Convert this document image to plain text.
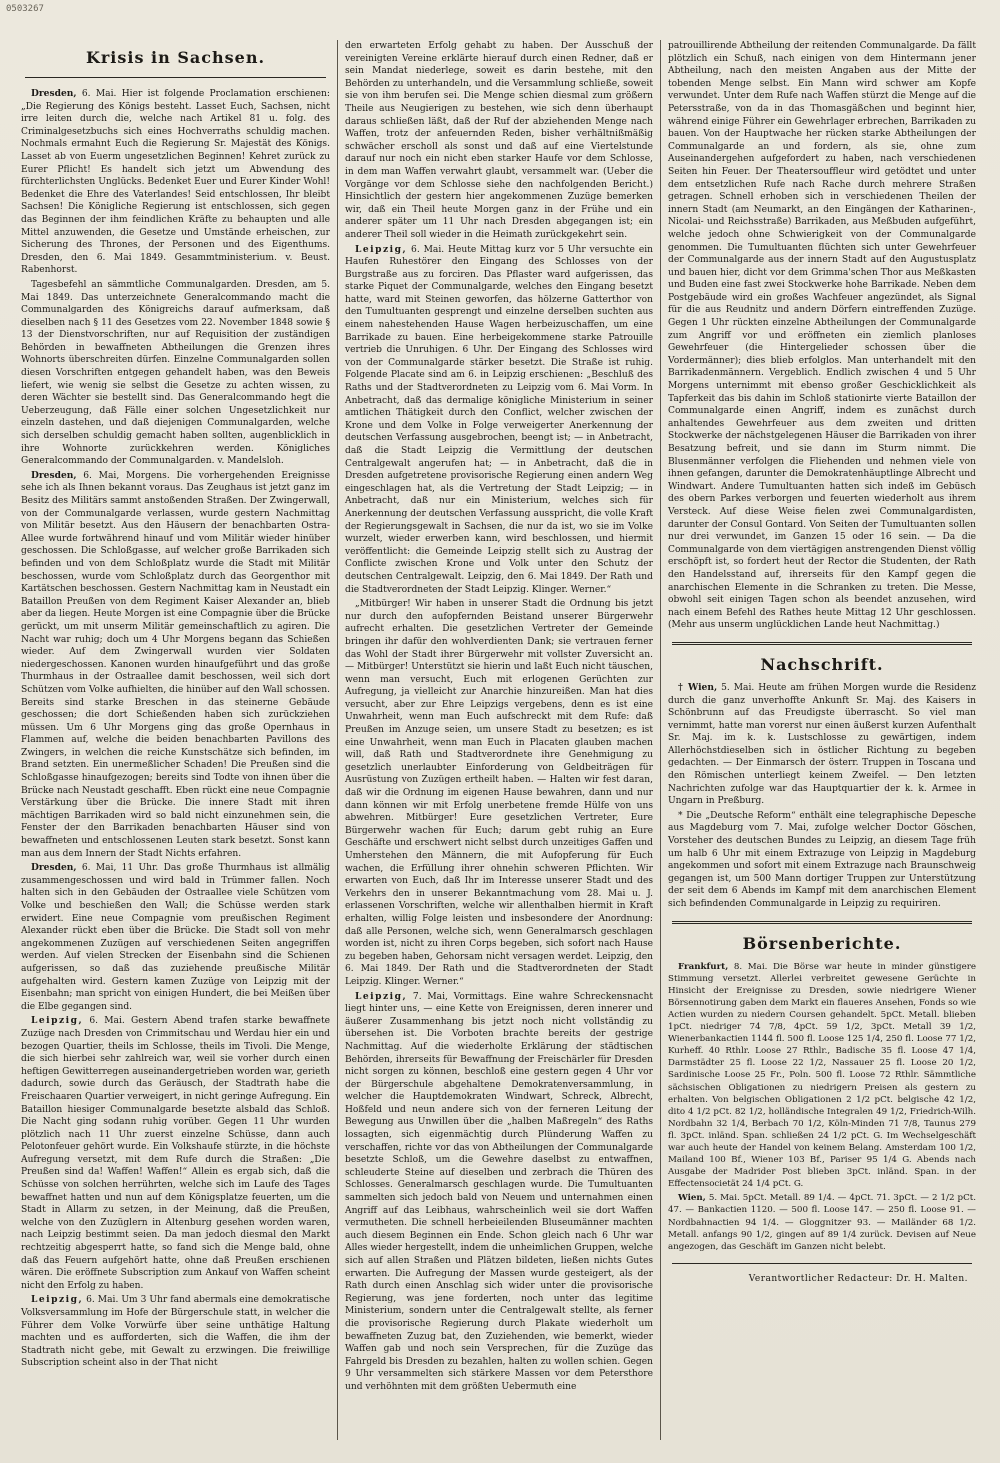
0503267
Krisis in Sachsen.

Dresden, 6. Mai. Hier ist folgende Proclamation erschienen: „Die Regierung des Königs besteht. Lasset Euch, Sachsen, nicht irre leiten durch die, welche nach Artikel 81 u. folg. des Criminalgesetzbuchs sich eines Hochverraths schuldig machen. Nochmals ermahnt Euch die Regierung Sr. Majestät des Königs. Lasset ab von Euerm ungesetzlichen Beginnen! Kehret zurück zu Eurer Pflicht! Es handelt sich jetzt um Abwendung des fürchterlichsten Unglücks. Bedenket Euer und Eurer Kinder Wohl! Bedenket die Ehre des Vaterlandes! Seid entschlossen, Ihr bleibt Sachsen! Die Königliche Regierung ist entschlossen, sich gegen das Beginnen der ihm feindlichen Kräfte zu behaupten und alle Mittel anzuwenden, die Gesetze und Umstände erheischen, zur Sicherung des Thrones, der Personen und des Eigenthums. Dresden, den 6. Mai 1849. Gesammtministerium. v. Beust. Rabenhorst.

Tagesbefehl an sämmtliche Communalgarden. Dresden, am 5. Mai 1849. Das unterzeichnete Generalcommando macht die Communalgarden des Königreichs darauf aufmerksam, daß dieselben nach § 11 des Gesetzes vom 22. November 1848 sowie § 13 der Dienstvorschriften, nur auf Requisition der zuständigen Behörden in bewaffneten Abtheilungen die Grenzen ihres Wohnorts überschreiten dürfen. Einzelne Communalgarden sollen diesen Vorschriften entgegen gehandelt haben, was den Beweis liefert, wie wenig sie selbst die Gesetze zu achten wissen, zu deren Wächter sie bestellt sind. Das Generalcommando hegt die Ueberzeugung, daß Fälle einer solchen Ungesetzlichkeit nur einzeln dastehen, und daß diejenigen Communalgarden, welche sich derselben schuldig gemacht haben sollten, augenblicklich in ihre Wohnorte zurückkehren werden. Königliches Generalcommando der Communalgarden. v. Mandelsloh.

Dresden, 6. Mai, Morgens. Die vorhergehenden Ereignisse sehe ich als Ihnen bekannt voraus. Das Zeughaus ist jetzt ganz im Besitz des Militärs sammt anstoßenden Straßen. Der Zwingerwall, von der Communalgarde verlassen, wurde gestern Nachmittag von Militär besetzt. Aus den Häusern der benachbarten Ostra-Allee wurde fortwährend hinauf und vom Militär wieder hinüber geschossen. Die Schloßgasse, auf welcher große Barrikaden sich befinden und von dem Schloßplatz wurde die Stadt mit Militär beschossen, wurde vom Schloßplatz durch das Georgenthor mit Kartätschen beschossen. Gestern Nachmittag kam in Neustadt ein Bataillon Preußen von dem Regiment Kaiser Alexander an, blieb aber da liegen. Heute Morgen ist eine Compagnie über die Brücke gerückt, um mit unserm Militär gemeinschaftlich zu agiren. Die Nacht war ruhig; doch um 4 Uhr Morgens begann das Schießen wieder. Auf dem Zwingerwall wurden vier Soldaten niedergeschossen. Kanonen wurden hinaufgeführt und das große Thurmhaus in der Ostraallee damit beschossen, weil sich dort Schützen vom Volke aufhielten, die hinüber auf den Wall schossen. Bereits sind starke Breschen in das steinerne Gebäude geschossen; die dort Schießenden haben sich zurückziehen müssen. Um 6 Uhr Morgens ging das große Opernhaus in Flammen auf, welche die beiden benachbarten Pavillons des Zwingers, in welchen die reiche Kunstschätze sich befinden, im Brand setzten. Ein unermeßlicher Schaden! Die Preußen sind die Schloßgasse hinaufgezogen; bereits sind Todte von ihnen über die Brücke nach Neustadt geschafft. Eben rückt eine neue Compagnie Verstärkung über die Brücke. Die innere Stadt mit ihren mächtigen Barrikaden wird so bald nicht einzunehmen sein, die Fenster der den Barrikaden benachbarten Häuser sind von bewaffneten und entschlossenen Leuten stark besetzt. Sonst kann man aus dem Innern der Stadt Nichts erfahren.

Dresden, 6. Mai, 11 Uhr. Das große Thurmhaus ist allmälig zusammengeschossen und wird bald in Trümmer fallen. Noch halten sich in den Gebäuden der Ostraallee viele Schützen vom Volke und beschießen den Wall; die Schüsse werden stark erwidert. Eine neue Compagnie vom preußischen Regiment Alexander rückt eben über die Brücke. Die Stadt soll von mehr angekommenen Zuzügen auf verschiedenen Seiten angegriffen werden. Auf vielen Strecken der Eisenbahn sind die Schienen aufgerissen, so daß das zuziehende preußische Militär aufgehalten wird. Gestern kamen Zuzüge von Leipzig mit der Eisenbahn; man spricht von einigen Hundert, die bei Meißen über die Elbe gegangen sind.

Leipzig, 6. Mai. Gestern Abend trafen starke bewaffnete Zuzüge nach Dresden von Crimmitschau und Werdau hier ein und bezogen Quartier, theils im Schlosse, theils im Tivoli. Die Menge, die sich hierbei sehr zahlreich war, weil sie vorher durch einen heftigen Gewitterregen auseinandergetrieben worden war, gerieth dadurch, sowie durch das Geräusch, der Stadtrath habe die Freischaaren Quartier verweigert, in nicht geringe Aufregung. Ein Bataillon hiesiger Communalgarde besetzte alsbald das Schloß. Die Nacht ging sodann ruhig vorüber. Gegen 11 Uhr wurden plötzlich nach 11 Uhr zuerst einzelne Schüsse, dann auch Pelotonfeuer gehört wurde. Ein Volkshaufe stürzte, in die höchste Aufregung versetzt, mit dem Rufe durch die Straßen: „Die Preußen sind da! Waffen! Waffen!“ Allein es ergab sich, daß die Schüsse von solchen herrührten, welche sich im Laufe des Tages bewaffnet hatten und nun auf dem Königsplatze feuerten, um die Stadt in Allarm zu setzen, in der Meinung, daß die Preußen, welche von den Zuzüglern in Altenburg gesehen worden waren, nach Leipzig bestimmt seien. Da man jedoch diesmal den Markt rechtzeitig abgesperrt hatte, so fand sich die Menge bald, ohne daß das Feuern aufgehört hatte, ohne daß Preußen erschienen wären. Die eröffnete Subscription zum Ankauf von Waffen scheint nicht den Erfolg zu haben.

Leipzig, 6. Mai. Um 3 Uhr fand abermals eine demokratische Volksversammlung im Hofe der Bürgerschule statt, in welcher die Führer dem Volke Vorwürfe über seine unthätige Haltung machten und es aufforderten, sich die Waffen, die ihm der Stadtrath nicht gebe, mit Gewalt zu erzwingen. Die freiwillige Subscription scheint also in der That nicht

den erwarteten Erfolg gehabt zu haben. Der Ausschuß der vereinigten Vereine erklärte hierauf durch einen Redner, daß er sein Mandat niederlege, soweit es darin bestehe, mit den Behörden zu unterhandeln, und die Versammlung schließe, soweit sie von ihm berufen sei. Die Menge schien diesmal zum größern Theile aus Neugierigen zu bestehen, wie sich denn überhaupt daraus schließen läßt, daß der Ruf der abziehenden Menge nach Waffen, trotz der anfeuernden Reden, bisher verhältnißmäßig schwächer erscholl als sonst und daß auf eine Viertelstunde darauf nur noch ein nicht eben starker Haufe vor dem Schlosse, in dem man Waffen verwahrt glaubt, versammelt war. (Ueber die Vorgänge vor dem Schlosse siehe den nachfolgenden Bericht.) Hinsichtlich der gestern hier angekommenen Zuzüge bemerken wir, daß ein Theil heute Morgen ganz in der Frühe und ein anderer später um 11 Uhr nach Dresden abgegangen ist; ein anderer Theil soll wieder in die Heimath zurückgekehrt sein.

Leipzig, 6. Mai. Heute Mittag kurz vor 5 Uhr versuchte ein Haufen Ruhestörer den Eingang des Schlosses von der Burgstraße aus zu forciren. Das Pflaster ward aufgerissen, das starke Piquet der Communalgarde, welches den Eingang besetzt hatte, ward mit Steinen geworfen, das hölzerne Gatterthor von den Tumultuanten gesprengt und einzelne derselben suchten aus einem nahestehenden Hause Wagen herbeizuschaffen, um eine Barrikade zu bauen. Eine herbeigekommene starke Patrouille vertrieb die Unruhigen. 6 Uhr. Der Eingang des Schlosses wird von der Communalgarde stärker besetzt. Die Straße ist ruhig. Folgende Placate sind am 6. in Leipzig erschienen: „Beschluß des Raths und der Stadtverordneten zu Leipzig vom 6. Mai Vorm. In Anbetracht, daß das dermalige königliche Ministerium in seiner amtlichen Thätigkeit durch den Conflict, welcher zwischen der Krone und dem Volke in Folge verweigerter Anerkennung der deutschen Verfassung ausgebrochen, beengt ist; — in Anbetracht, daß die Stadt Leipzig die Vermittlung der deutschen Centralgewalt angerufen hat; — in Anbetracht, daß die in Dresden aufgetretene provisorische Regierung einen andern Weg eingeschlagen hat, als die Vertretung der Stadt Leipzig; — in Anbetracht, daß nur ein Ministerium, welches sich für Anerkennung der deutschen Verfassung ausspricht, die volle Kraft der Regierungsgewalt in Sachsen, die nur da ist, wo sie im Volke wurzelt, wieder erwerben kann, wird beschlossen, und hiermit veröffentlicht: die Gemeinde Leipzig stellt sich zu Austrag der Conflicte zwischen Krone und Volk unter den Schutz der deutschen Centralgewalt. Leipzig, den 6. Mai 1849. Der Rath und die Stadtverordneten der Stadt Leipzig. Klinger. Werner.“

„Mitbürger! Wir haben in unserer Stadt die Ordnung bis jetzt nur durch den aufopfernden Beistand unserer Bürgerwehr aufrecht erhalten. Die gesetzlichen Vertreter der Gemeinde bringen ihr dafür den wohlverdienten Dank; sie vertrauen ferner das Wohl der Stadt ihrer Bürgerwehr mit vollster Zuversicht an. — Mitbürger! Unterstützt sie hierin und laßt Euch nicht täuschen, wenn man versucht, Euch mit erlogenen Gerüchten zur Aufregung, ja vielleicht zur Anarchie hinzureißen. Man hat dies versucht, aber zur Ehre Leipzigs vergebens, denn es ist eine Unwahrheit, wenn man Euch aufschreckt mit dem Rufe: daß Preußen im Anzuge seien, um unsere Stadt zu besetzen; es ist eine Unwahrheit, wenn man Euch in Placaten glauben machen will, daß Rath und Stadtverordnete ihre Genehmigung zu gesetzlich unerlaubter Einforderung von Geldbeiträgen für Ausrüstung von Zuzügen ertheilt haben. — Halten wir fest daran, daß wir die Ordnung im eigenen Hause bewahren, dann und nur dann können wir mit Erfolg unerbetene fremde Hülfe von uns abwehren. Mitbürger! Eure gesetzlichen Vertreter, Eure Bürgerwehr wachen für Euch; darum gebt ruhig an Eure Geschäfte und erschwert nicht selbst durch unzeitiges Gaffen und Umherstehen den Männern, die mit Aufopferung für Euch wachen, die Erfüllung ihrer ohnehin schweren Pflichten. Wir erwarten von Euch, daß Ihr im Interesse unserer Stadt und des Verkehrs den in unserer Bekanntmachung vom 28. Mai u. J. erlassenen Vorschriften, welche wir allenthalben hiermit in Kraft erhalten, willig Folge leisten und insbesondere der Anordnung: daß alle Personen, welche sich, wenn Generalmarsch geschlagen worden ist, nicht zu ihren Corps begeben, sich sofort nach Hause zu begeben haben, Gehorsam nicht versagen werdet. Leipzig, den 6. Mai 1849. Der Rath und die Stadtverordneten der Stadt Leipzig. Klinger. Werner.“

Leipzig, 7. Mai, Vormittags. Eine wahre Schreckensnacht liegt hinter uns, — eine Kette von Ereignissen, deren innerer und äußerer Zusammenhang bis jetzt noch nicht vollständig zu übersehen ist. Die Vorboten brachte bereits der gestrige Nachmittag. Auf die wiederholte Erklärung der städtischen Behörden, ihrerseits für Bewaffnung der Freischärler für Dresden nicht sorgen zu können, beschloß eine gestern gegen 4 Uhr vor der Bürgerschule abgehaltene Demokratenversammlung, in welcher die Hauptdemokraten Windwart, Schreck, Albrecht, Hoßfeld und neun andere sich von der ferneren Leitung der Bewegung aus Unwillen über die „halben Maßregeln“ des Raths lossagten, sich eigenmächtig durch Plünderung Waffen zu verschaffen, richte vor das von Abtheilungen der Communalgarde besetzte Schloß, um die Gewehre daselbst zu entwaffnen, schleuderte Steine auf dieselben und zerbrach die Thüren des Schlosses. Generalmarsch geschlagen wurde. Die Tumultuanten sammelten sich jedoch bald von Neuem und unternahmen einen Angriff auf das Leibhaus, wahrscheinlich weil sie dort Waffen vermutheten. Die schnell herbeieilenden Bluseumänner machten auch diesem Beginnen ein Ende. Schon gleich nach 6 Uhr war Alles wieder hergestellt, indem die unheimlichen Gruppen, welche sich auf allen Straßen und Plätzen bildeten, ließen nichts Gutes erwarten. Die Aufregung der Massen wurde gesteigert, als der Rath durch einen Anschlag sich wider unter die provisorische Regierung, was jene forderten, noch unter das legitime Ministerium, sondern unter die Centralgewalt stellte, als ferner die provisorische Regierung durch Plakate wiederholt um bewaffneten Zuzug bat, den Zuziehenden, wie bemerkt, wieder Waffen gab und noch sein Versprechen, für die Zuzüge das Fahrgeld bis Dresden zu bezahlen, halten zu wollen schien. Gegen 9 Uhr versammelten sich stärkere Massen vor dem Petersthore und verhöhnten mit dem größten Uebermuth eine

patrouillirende Abtheilung der reitenden Communalgarde. Da fällt plötzlich ein Schuß, nach einigen von dem Hintermann jener Abtheilung, nach den meisten Angaben aus der Mitte der tobenden Menge selbst. Ein Mann wird schwer am Kopfe verwundet. Unter dem Rufe nach Waffen stürzt die Menge auf die Petersstraße, von da in das Thomasgäßchen und beginnt hier, während einige Führer ein Gewehrlager erbrechen, Barrikaden zu bauen. Von der Hauptwache her rücken starke Abtheilungen der Communalgarde an und fordern, als sie, ohne zum Auseinandergehen aufgefordert zu haben, nach verschiedenen Seiten hin Feuer. Der Theatersouffleur wird getödtet und unter dem entsetzlichen Rufe nach Rache durch mehrere Straßen getragen. Schnell erhoben sich in verschiedenen Theilen der innern Stadt (am Neumarkt, an den Eingängen der Katharinen-, Nicolai- und Reichsstraße) Barrikaden, aus Meßbuden aufgeführt, welche jedoch ohne Schwierigkeit von der Communalgarde genommen. Die Tumultuanten flüchten sich unter Gewehrfeuer der Communalgarde aus der innern Stadt auf den Augustusplatz und bauen hier, dicht vor dem Grimma'schen Thor aus Meßkasten und Buden eine fast zwei Stockwerke hohe Barrikade. Neben dem Postgebäude wird ein großes Wachfeuer angezündet, als Signal für die aus Reudnitz und andern Dörfern eintreffenden Zuzüge. Gegen 1 Uhr rückten einzelne Abtheilungen der Communalgarde zum Angriff vor und eröffneten ein ziemlich planloses Gewehrfeuer (die Hintergelieder schossen über die Vordermänner); dies blieb erfolglos. Man unterhandelt mit den Barrikadenmännern. Vergeblich. Endlich zwischen 4 und 5 Uhr Morgens unternimmt mit ebenso großer Geschicklichkeit als Tapferkeit das bis dahin im Schloß stationirte vierte Bataillon der Communalgarde einen Angriff, indem es zunächst durch anhaltendes Gewehrfeuer aus dem zweiten und dritten Stockwerke der nächstgelegenen Häuser die Barrikaden von ihrer Besatzung befreit, und sie dann im Sturm nimmt. Die Blusenmänner verfolgen die Fliehenden und nehmen viele von ihnen gefangen, darunter die Demokratenhäuptlinge Albrecht und Windwart. Andere Tumultuanten hatten sich indeß im Gebüsch des obern Parkes verborgen und feuerten wiederholt aus ihrem Versteck. Auf diese Weise fielen zwei Communalgardisten, darunter der Consul Gontard. Von Seiten der Tumultuanten sollen nur drei verwundet, im Ganzen 15 oder 16 sein. — Da die Communalgarde von dem viertägigen anstrengenden Dienst völlig erschöpft ist, so fordert heut der Rector die Studenten, der Rath den Handelsstand auf, ihrerseits für den Kampf gegen die anarchischen Elemente in die Schranken zu treten. Die Messe, obwohl seit einigen Tagen schon als beendet anzusehen, wird nach einem Befehl des Rathes heute Mittag 12 Uhr geschlossen. (Mehr aus unserm unglücklichen Lande heut Nachmittag.)

Nachschrift.

† Wien, 5. Mai. Heute am frühen Morgen wurde die Residenz durch die ganz unverhoffte Ankunft Sr. Maj. des Kaisers in Schönbrunn auf das Freudigste überrascht. So viel man vernimmt, hatte man vorerst nur einen äußerst kurzen Aufenthalt Sr. Maj. im k. k. Lustschlosse zu gewärtigen, indem Allerhöchstdieselben sich in östlicher Richtung zu begeben gedachten. — Der Einmarsch der österr. Truppen in Toscana und den Römischen unterliegt keinem Zweifel. — Den letzten Nachrichten zufolge war das Hauptquartier der k. k. Armee in Ungarn in Preßburg.

* Die „Deutsche Reform“ enthält eine telegraphische Depesche aus Magdeburg vom 7. Mai, zufolge welcher Doctor Göschen, Vorsteher des deutschen Bundes zu Leipzig, an diesem Tage früh um halb 6 Uhr mit einem Extrazuge von Leipzig in Magdeburg angekommen und sofort mit einem Extrazuge nach Braunschweig gegangen ist, um 500 Mann dortiger Truppen zur Unterstützung der seit dem 6 Abends im Kampf mit dem anarchischen Element sich befindenden Communalgarde in Leipzig zu requiriren.

Börsenberichte.

Frankfurt, 8. Mai. Die Börse war heute in minder günstigere Stimmung versetzt. Allerlei verbreitet gewesene Gerüchte in Hinsicht der Ereignisse zu Dresden, sowie niedrigere Wiener Börsennotirung gaben dem Markt ein flaueres Ansehen, Fonds so wie Actien wurden zu niedern Coursen gehandelt. 5pCt. Metall. blieben 1pCt. niedriger 74 7/8, 4pCt. 59 1/2, 3pCt. Metall 39 1/2, Wienerbankactien 1144 fl. 500 fl. Loose 125 1/4, 250 fl. Loose 77 1/2, Kurheff. 40 Rthlr. Loose 27 Rthlr., Badische 35 fl. Loose 47 1/4, Darmstädter 25 fl. Loose 22 1/2, Nassauer 25 fl. Loose 20 1/2, Sardinische Loose 25 Fr., Poln. 500 fl. Loose 72 Rthlr. Sämmtliche sächsischen Obligationen zu niedrigern Preisen als gestern zu erhalten. Von belgischen Obligationen 2 1/2 pCt. belgische 42 1/2, dito 4 1/2 pCt. 82 1/2, holländische Integralen 49 1/2, Friedrich-Wilh. Nordbahn 32 1/4, Berbach 70 1/2, Köln-Minden 71 7/8, Taunus 279 fl. 3pCt. inländ. Span. schließen 24 1/2 pCt. G. Im Wechselgeschäft war auch heute der Handel von keinem Belang. Amsterdam 100 1/2, Mailand 100 Bf., Wiener 103 Bf., Pariser 95 1/4 G. Abends nach Ausgabe der Madrider Post blieben 3pCt. inländ. Span. in der Effectensocietät 24 1/4 pCt. G.

Wien, 5. Mai. 5pCt. Metall. 89 1/4. — 4pCt. 71. 3pCt. — 2 1/2 pCt. 47. — Bankactien 1120. — 500 fl. Loose 147. — 250 fl. Loose 91. — Nordbahnactien 94 1/4. — Gloggnitzer 93. — Mailänder 68 1/2. Metall. anfangs 90 1/2, gingen auf 89 1/4 zurück. Devisen auf Neue angezogen, das Geschäft im Ganzen nicht belebt.

Verantwortlicher Redacteur: Dr. H. Malten.
